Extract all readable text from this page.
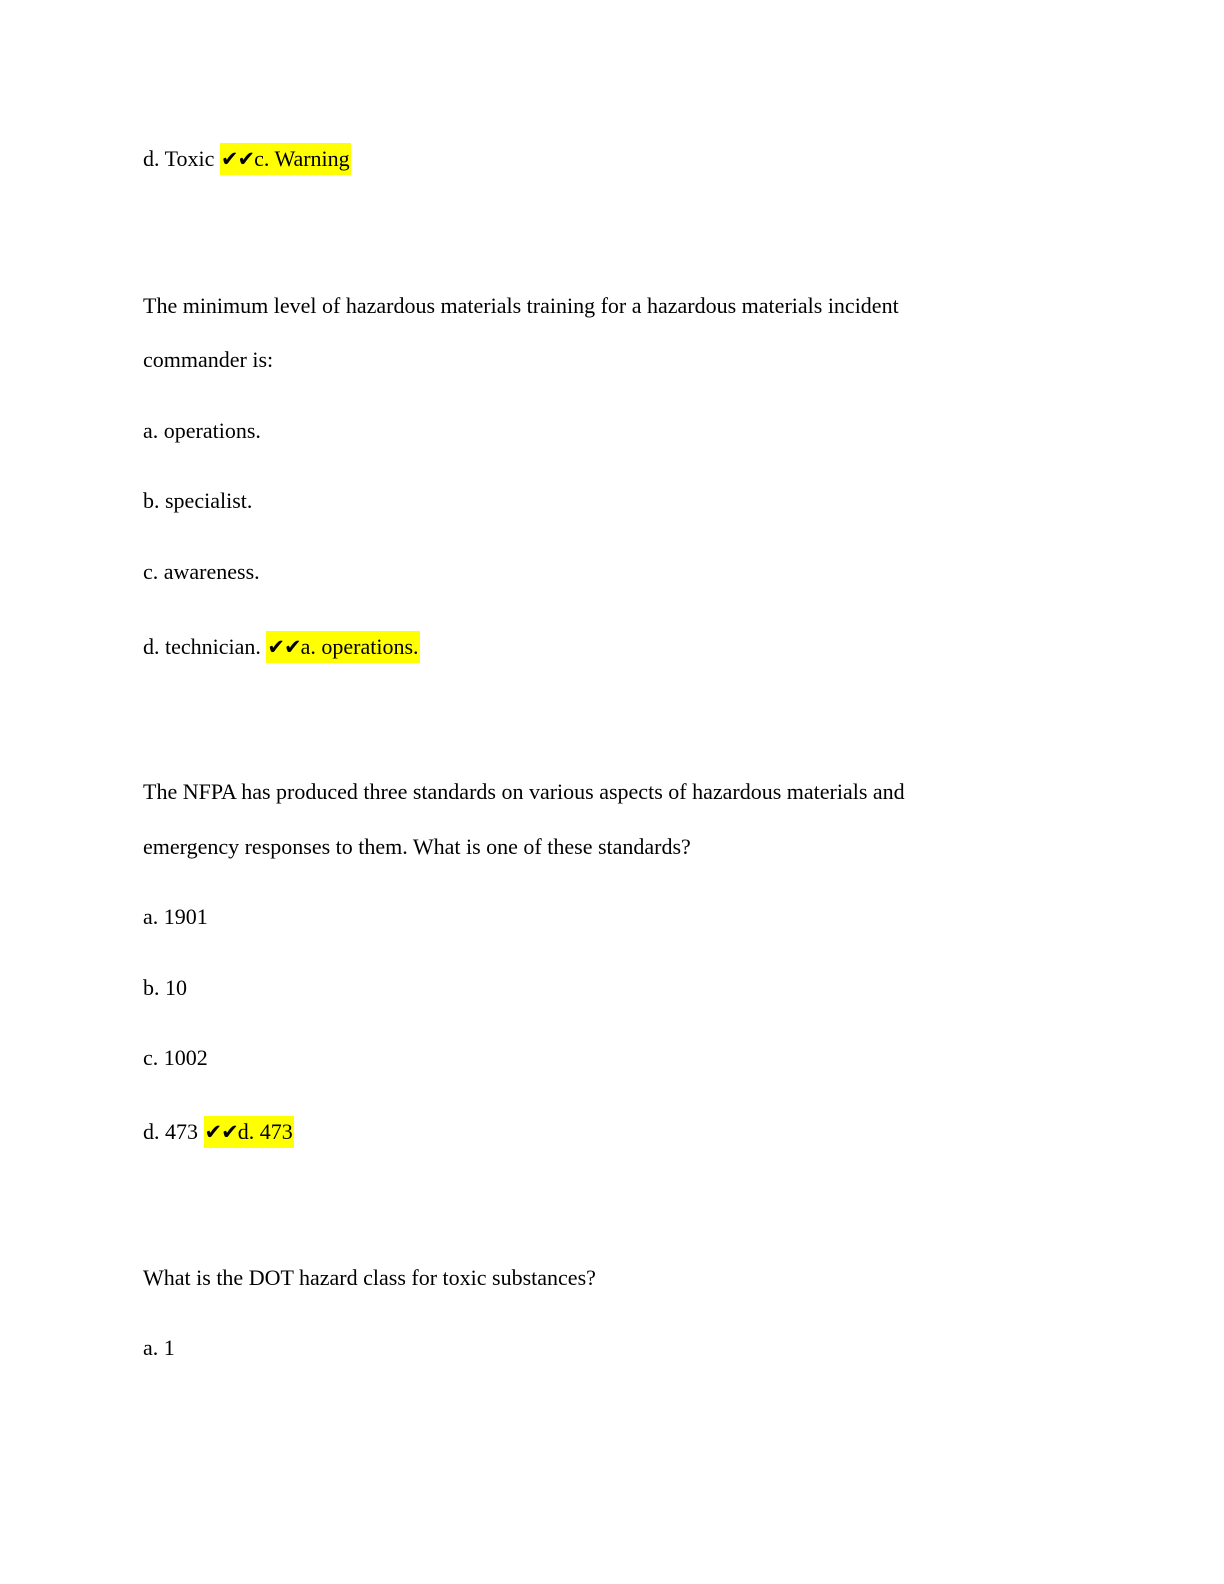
d. Toxic ✔✔c. Warning
The minimum level of hazardous materials training for a hazardous materials incident
commander is:
a. operations.
b. specialist.
c. awareness.
d. technician. ✔✔a. operations.
The NFPA has produced three standards on various aspects of hazardous materials and
emergency responses to them. What is one of these standards?
a. 1901
b. 10
c. 1002
d. 473 ✔✔d. 473
What is the DOT hazard class for toxic substances?
a. 1
